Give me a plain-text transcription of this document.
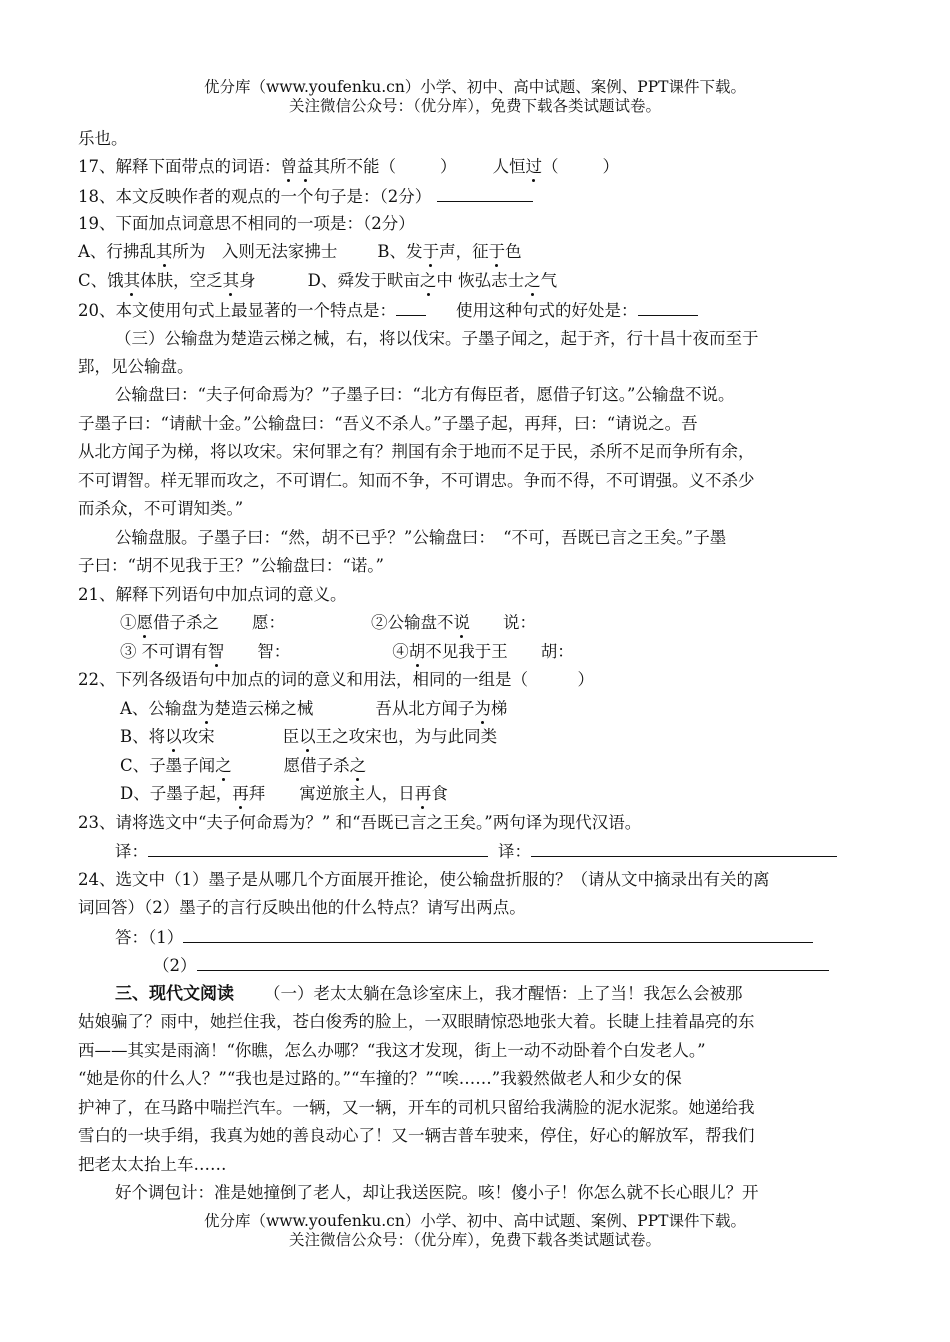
优分库（www.youfenku.cn）小学、初中、高中试题、案例、PPT课件下载。
关注微信公众号：（优分库），免费下载各类试题试卷。
乐也。
17、解释下面带点的词语：曾益其所不能（	） 人恒过（	）
18、本文反映作者的观点的一个句子是：（2分）
19、下面加点词意思不相同的一项是：（2分）
A、行拂乱其所为　入则无法家拂士 B、发于声，征于色
C、饿其体肤，空乏其身	D、舜发于畎亩之中 恢弘志士之气
20、本文使用句式上最显著的一个特点是：	使用这种句式的好处是：
（三）公输盘为楚造云梯之械，右，将以伐宋。子墨子闻之，起于齐，行十昌十夜而至于
郢，见公输盘。
公输盘曰：“夫子何命焉为？”子墨子曰：“北方有侮臣者，愿借子钉这。”公输盘不说。
子墨子曰：“请献十金。”公输盘曰：“吾义不杀人。”子墨子起，再拜，曰：“请说之。吾
从北方闻子为梯，将以攻宋。宋何罪之有？荆国有余于地而不足于民，杀所不足而争所有余，
不可谓智。样无罪而攻之，不可谓仁。知而不争，不可谓忠。争而不得，不可谓强。义不杀少
而杀众，不可谓知类。”
公输盘服。子墨子曰：“然，胡不已乎？”公输盘曰：　“不可，吾既已言之王矣。”子墨
子曰：“胡不见我于王？”公输盘曰：“诺。”
21、解释下列语句中加点词的意义。
①愿借子杀之　　愿：	②公输盘不说　　说：
③ 不可谓有智　　智：	④胡不见我于王　　胡：
22、下列各级语句中加点的词的意义和用法，相同的一组是（　　　）
A、公输盘为楚造云梯之械	吾从北方闻子为梯
B、将以攻宋	臣以王之攻宋也，为与此同类
C、子墨子闻之	愿借子杀之
D、子墨子起，再拜 寓逆旅主人，日再食
23、请将选文中“夫子何命焉为？” 和“吾既已言之王矣。”两句译为现代汉语。
译：	译：
24、选文中（1）墨子是从哪几个方面展开推论，使公输盘折服的？（请从文中摘录出有关的离
词回答）（2）墨子的言行反映出他的什么特点？请写出两点。
答：（1）
（2）
三、现代文阅读 （一）老太太躺在急诊室床上，我才醒悟：上了当！我怎么会被那
姑娘骗了？雨中，她拦住我，苍白俊秀的脸上，一双眼睛惊恐地张大着。长睫上挂着晶亮的东
西——其实是雨滴！“你瞧，怎么办哪？“我这才发现，街上一动不动卧着个白发老人。”
“她是你的什么人？”“我也是过路的。”“车撞的？”“唉……”我毅然做老人和少女的保
护神了，在马路中喘拦汽车。一辆，又一辆，开车的司机只留给我满脸的泥水泥浆。她递给我
雪白的一块手绢，我真为她的善良动心了！又一辆吉普车驶来，停住，好心的解放军，帮我们
把老太太抬上车……
好个调包计：准是她撞倒了老人，却让我送医院。咳！傻小子！你怎么就不长心眼儿？开
优分库（www.youfenku.cn）小学、初中、高中试题、案例、PPT课件下载。
关注微信公众号：（优分库），免费下载各类试题试卷。
